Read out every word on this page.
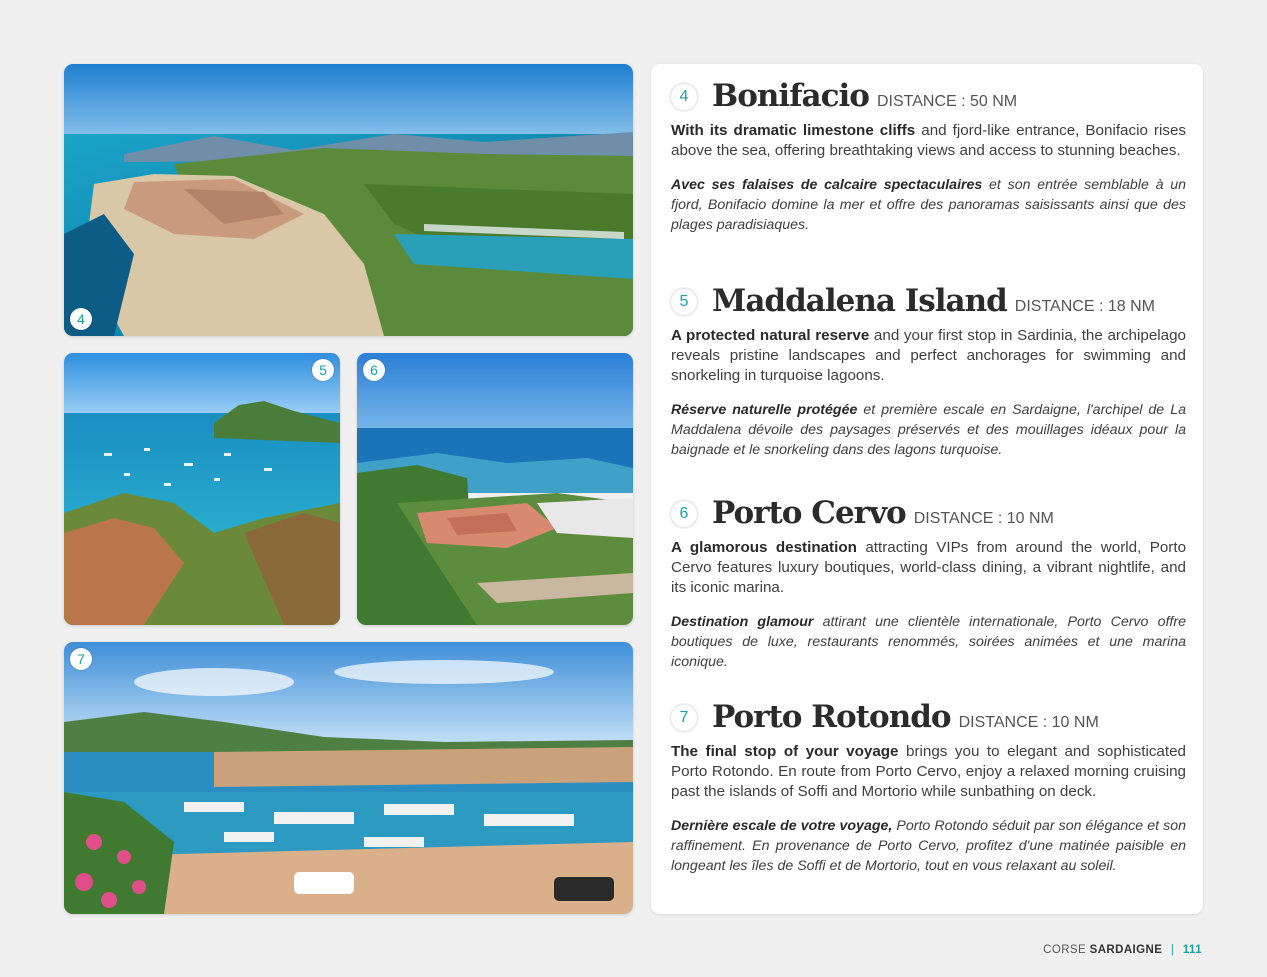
4
5	6
7
4 Bonifacio DISTANCE : 50 NM

With its dramatic limestone cliffs and fjord-like entrance, Bonifacio rises above the sea, offering breathtaking views and access to stunning beaches.

Avec ses falaises de calcaire spectaculaires et son entrée semblable à un fjord, Bonifacio domine la mer et offre des panoramas saisissants ainsi que des plages paradisiaques.

5 Maddalena Island DISTANCE : 18 NM

A protected natural reserve and your first stop in Sardinia, the archipelago reveals pristine landscapes and perfect anchorages for swimming and snorkeling in turquoise lagoons.

Réserve naturelle protégée et première escale en Sardaigne, l'archipel de La Maddalena dévoile des paysages préservés et des mouillages idéaux pour la baignade et le snorkeling dans des lagons turquoise.

6 Porto Cervo DISTANCE : 10 NM

A glamorous destination attracting VIPs from around the world, Porto Cervo features luxury boutiques, world-class dining, a vibrant nightlife, and its iconic marina.

Destination glamour attirant une clientèle internationale, Porto Cervo offre boutiques de luxe, restaurants renommés, soirées animées et une marina iconique.

7 Porto Rotondo DISTANCE : 10 NM

The final stop of your voyage brings you to elegant and sophisticated Porto Rotondo. En route from Porto Cervo, enjoy a relaxed morning cruising past the islands of Soffi and Mortorio while sunbathing on deck.

Dernière escale de votre voyage, Porto Rotondo séduit par son élégance et son raffinement. En provenance de Porto Cervo, profitez d'une matinée paisible en longeant les îles de Soffi et de Mortorio, tout en vous relaxant au soleil.

CORSE SARDAIGNE | 111
